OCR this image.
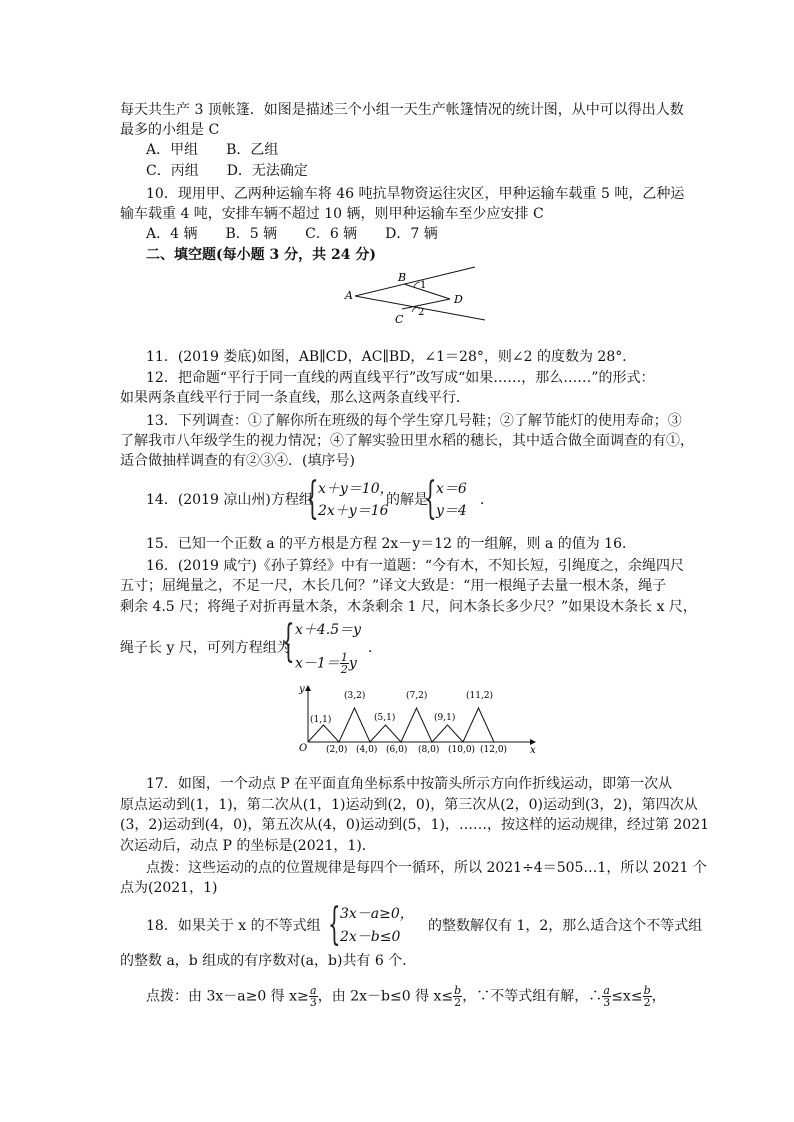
每天共生产 3 顶帐篷．如图是描述三个小组一天生产帐篷情况的统计图，从中可以得出人数
最多的小组是 C
A．甲组　　B．乙组
C．丙组　　D．无法确定
10．现用甲、乙两种运输车将 46 吨抗旱物资运往灾区，甲种运输车载重 5 吨，乙种运
输车载重 4 吨，安排车辆不超过 10 辆，则甲种运输车至少应安排 C
A．4 辆　　B．5 辆　　C．6 辆　　D．7 辆
二、填空题(每小题 3 分，共 24 分)
A
B
C
D
1
2
11．(2019 娄底)如图，AB∥CD，AC∥BD，∠1＝28°，则∠2 的度数为 28°．
12．把命题“平行于同一直线的两直线平行”改写成“如果……，那么……”的形式：
如果两条直线平行于同一条直线，那么这两条直线平行．
13．下列调查：①了解你所在班级的每个学生穿几号鞋；②了解节能灯的使用寿命；③
了解我市八年级学生的视力情况；④了解实验田里水稻的穗长，其中适合做全面调查的有①，
适合做抽样调查的有②③④．(填序号)
14．(2019 凉山州)方程组
{ x＋y＝10，
2x＋y＝16
的解是
{ x＝6
y＝4
．
15．已知一个正数 a 的平方根是方程 2x－y＝12 的一组解，则 a 的值为 16．
16．(2019 咸宁)《孙子算经》中有一道题：“今有木，不知长短，引绳度之，余绳四尺
五寸；屈绳量之，不足一尺，木长几何？”译文大致是：“用一根绳子去量一根木条，绳子
剩余 4.5 尺；将绳子对折再量木条，木条剩余 1 尺，问木条长多少尺？”如果设木条长 x 尺，
绳子长 y 尺，可列方程组为
{ x＋4.5＝y
$x-1= \frac{1}{2}$ y
．
x
y
O
(1,1)
(3,2)
(5,1)
(7,2)
(9,1)
(11,2)
(2,0) (4,0) (6,0) (8,0) (10,0) (12,0)
17．如图，一个动点 P 在平面直角坐标系中按箭头所示方向作折线运动，即第一次从
原点运动到(1，1)，第二次从(1，1)运动到(2，0)，第三次从(2，0)运动到(3，2)，第四次从
(3，2)运动到(4，0)，第五次从(4，0)运动到(5，1)，……，按这样的运动规律，经过第 2021
次运动后，动点 P 的坐标是(2021，1)．
点拨：这些运动的点的位置规律是每四个一循环，所以 2021÷4＝505…1，所以 2021 个
点为(2021，1)
18．如果关于 x 的不等式组 { 3x－a≥0，
2x－b≤0
的整数解仅有 1，2，那么适合这个不等式组
的整数 a，b 组成的有序数对(a，b)共有 6 个．
点拨：由 3x－a≥0 得 $x\ge \frac{a}{3}$ ，由 2x－b≤0 得 $x\le \frac{b}{2}$ ，∵不等式组有解，∴ $\frac{a}{3} \le x\le \frac{b}{2}$ ，
